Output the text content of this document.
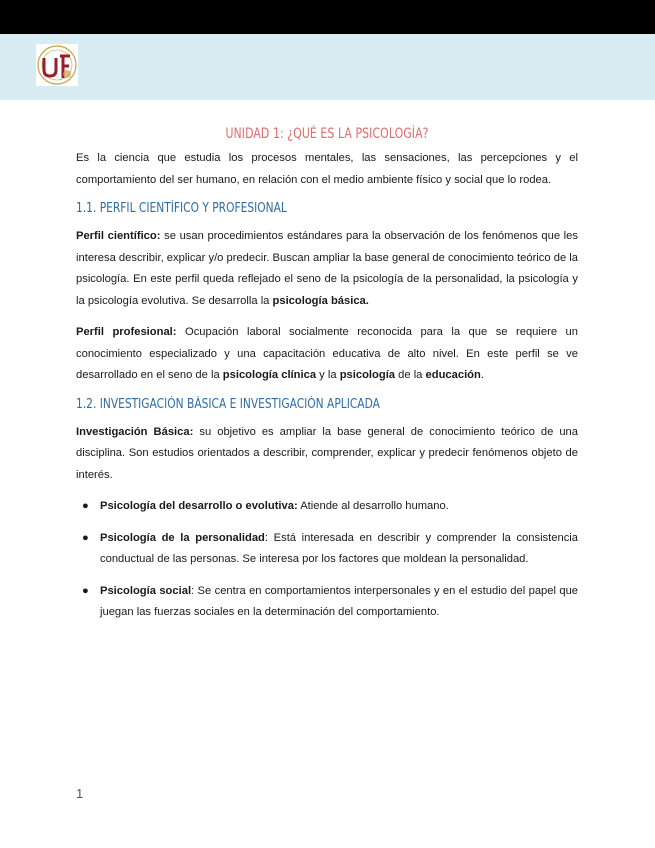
UNIDAD 1: ¿QUÉ ES LA PSICOLOGÍA?

Es la ciencia que estudia los procesos mentales, las sensaciones, las percepciones y el comportamiento del ser humano, en relación con el medio ambiente físico y social que lo rodea.

1.1. PERFIL CIENTÍFICO Y PROFESIONAL

Perfil científico: se usan procedimientos estándares para la observación de los fenómenos que les interesa describir, explicar y/o predecir. Buscan ampliar la base general de conocimiento teórico de la psicología. En este perfil queda reflejado el seno de la psicología de la personalidad, la psicología y la psicología evolutiva. Se desarrolla la psicología básica.

Perfil profesional: Ocupación laboral socialmente reconocida para la que se requiere un conocimiento especializado y una capacitación educativa de alto nivel. En este perfil se ve desarrollado en el seno de la psicología clínica y la psicología de la educación.

1.2. INVESTIGACIÓN BÁSICA E INVESTIGACIÓN APLICADA

Investigación Básica: su objetivo es ampliar la base general de conocimiento teórico de una disciplina. Son estudios orientados a describir, comprender, explicar y predecir fenómenos objeto de interés.

● Psicología del desarrollo o evolutiva: Atiende al desarrollo humano.
● Psicología de la personalidad: Está interesada en describir y comprender la consistencia conductual de las personas. Se interesa por los factores que moldean la personalidad.
● Psicología social: Se centra en comportamientos interpersonales y en el estudio del papel que juegan las fuerzas sociales en la determinación del comportamiento.
1
